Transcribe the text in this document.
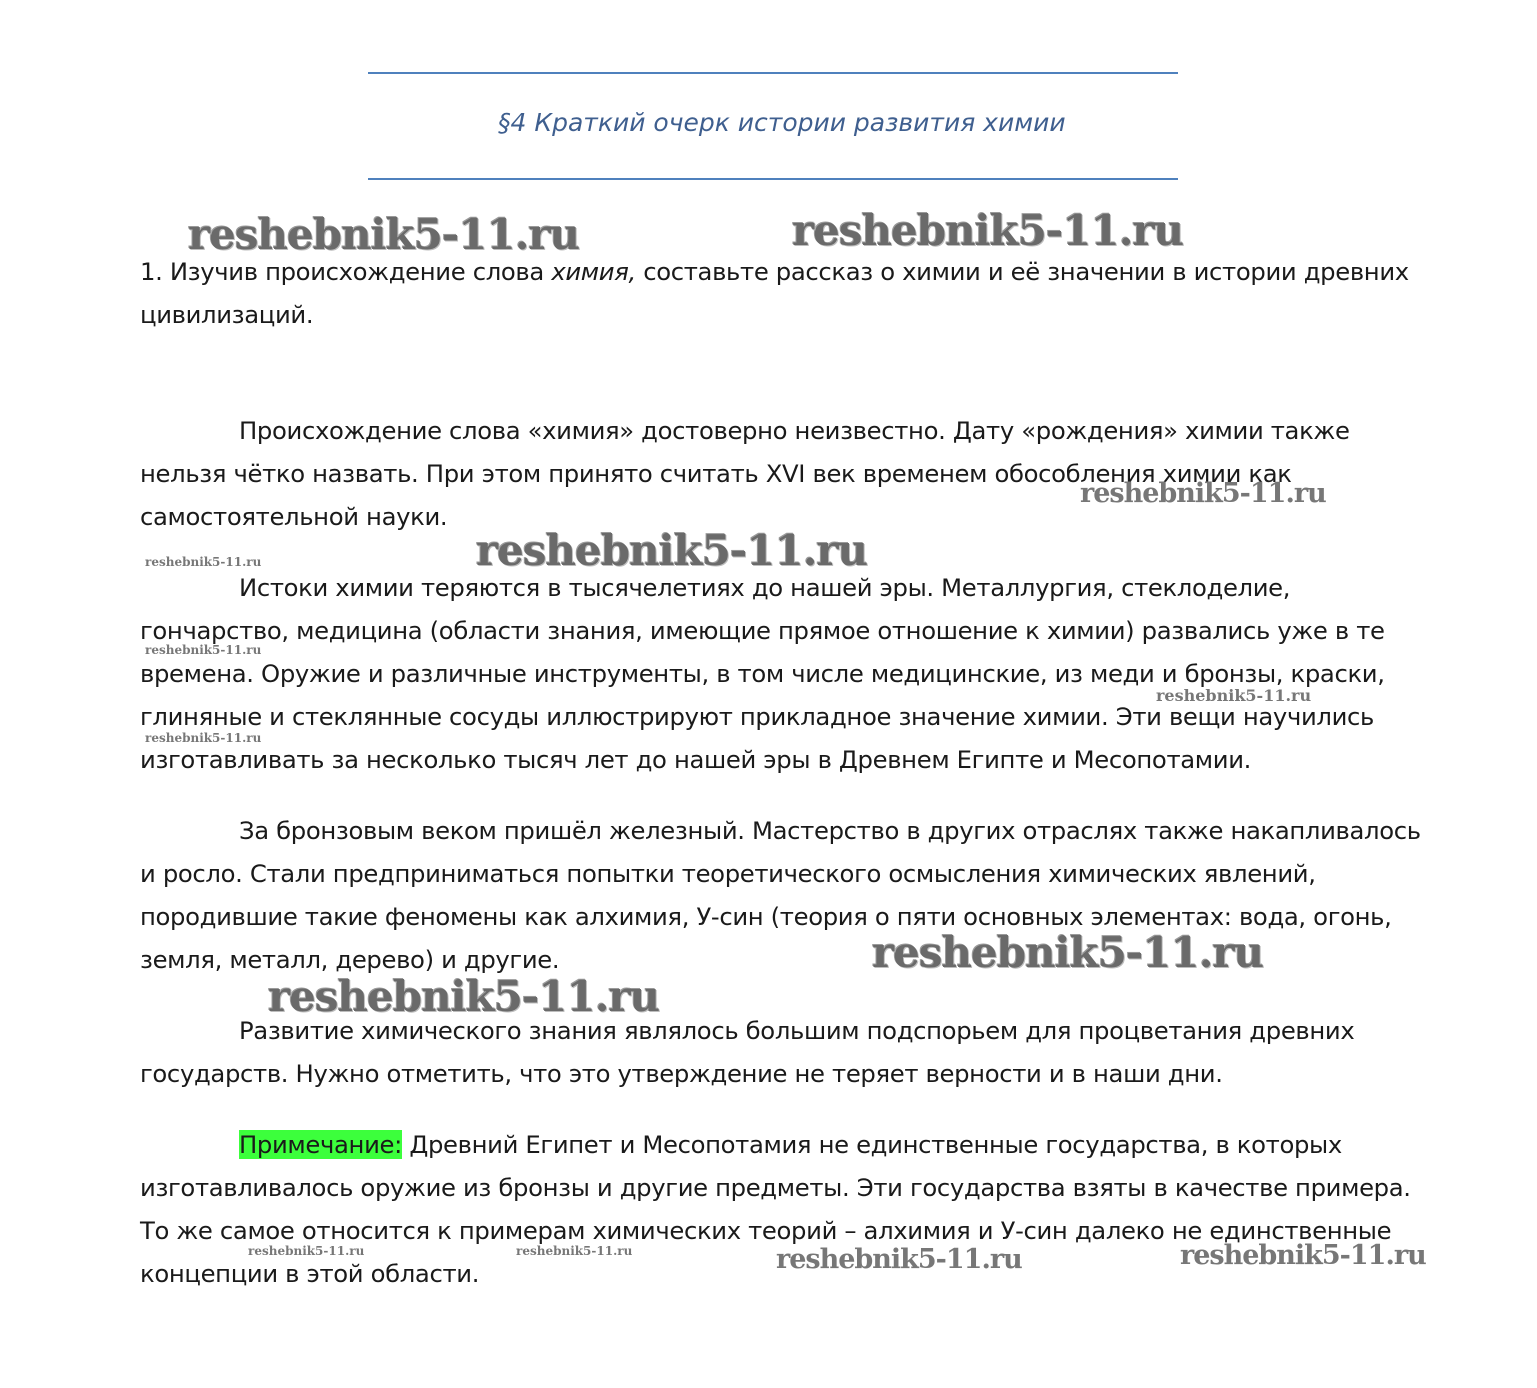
§4 Краткий очерк истории развития химии

1. Изучив происхождение слова химия, составьте рассказ о химии и её значении в истории древних цивилизаций.

Происхождение слова «химия» достоверно неизвестно. Дату «рождения» химии также нельзя чётко назвать. При этом принято считать XVI век временем обособления химии как самостоятельной науки.

Истоки химии теряются в тысячелетиях до нашей эры. Металлургия, стеклоделие, гончарство, медицина (области знания, имеющие прямое отношение к химии) развались уже в те времена. Оружие и различные инструменты, в том числе медицинские, из меди и бронзы, краски, глиняные и стеклянные сосуды иллюстрируют прикладное значение химии. Эти вещи научились изготавливать за несколько тысяч лет до нашей эры в Древнем Египте и Месопотамии.

За бронзовым веком пришёл железный. Мастерство в других отраслях также накапливалось и росло. Стали предприниматься попытки теоретического осмысления химических явлений, породившие такие феномены как алхимия, У-син (теория о пяти основных элементах: вода, огонь, земля, металл, дерево) и другие.

Развитие химического знания являлось большим подспорьем для процветания древних государств. Нужно отметить, что это утверждение не теряет верности и в наши дни.

Примечание: Древний Египет и Месопотамия не единственные государства, в которых изготавливалось оружие из бронзы и другие предметы. Эти государства взяты в качестве примера. То же самое относится к примерам химических теорий – алхимия и У-син далеко не единственные концепции в этой области.

reshebnik5-11.ru	reshebnik5-11.ru
reshebnik5-11.ru
reshebnik5-11.ru
reshebnik5-11.ru
reshebnik5-11.ru
reshebnik5-11.ru
reshebnik5-11.ru
reshebnik5-11.ru
reshebnik5-11.ru
reshebnik5-11.ru	reshebnik5-11.ru	reshebnik5-11.ru	reshebnik5-11.ru
